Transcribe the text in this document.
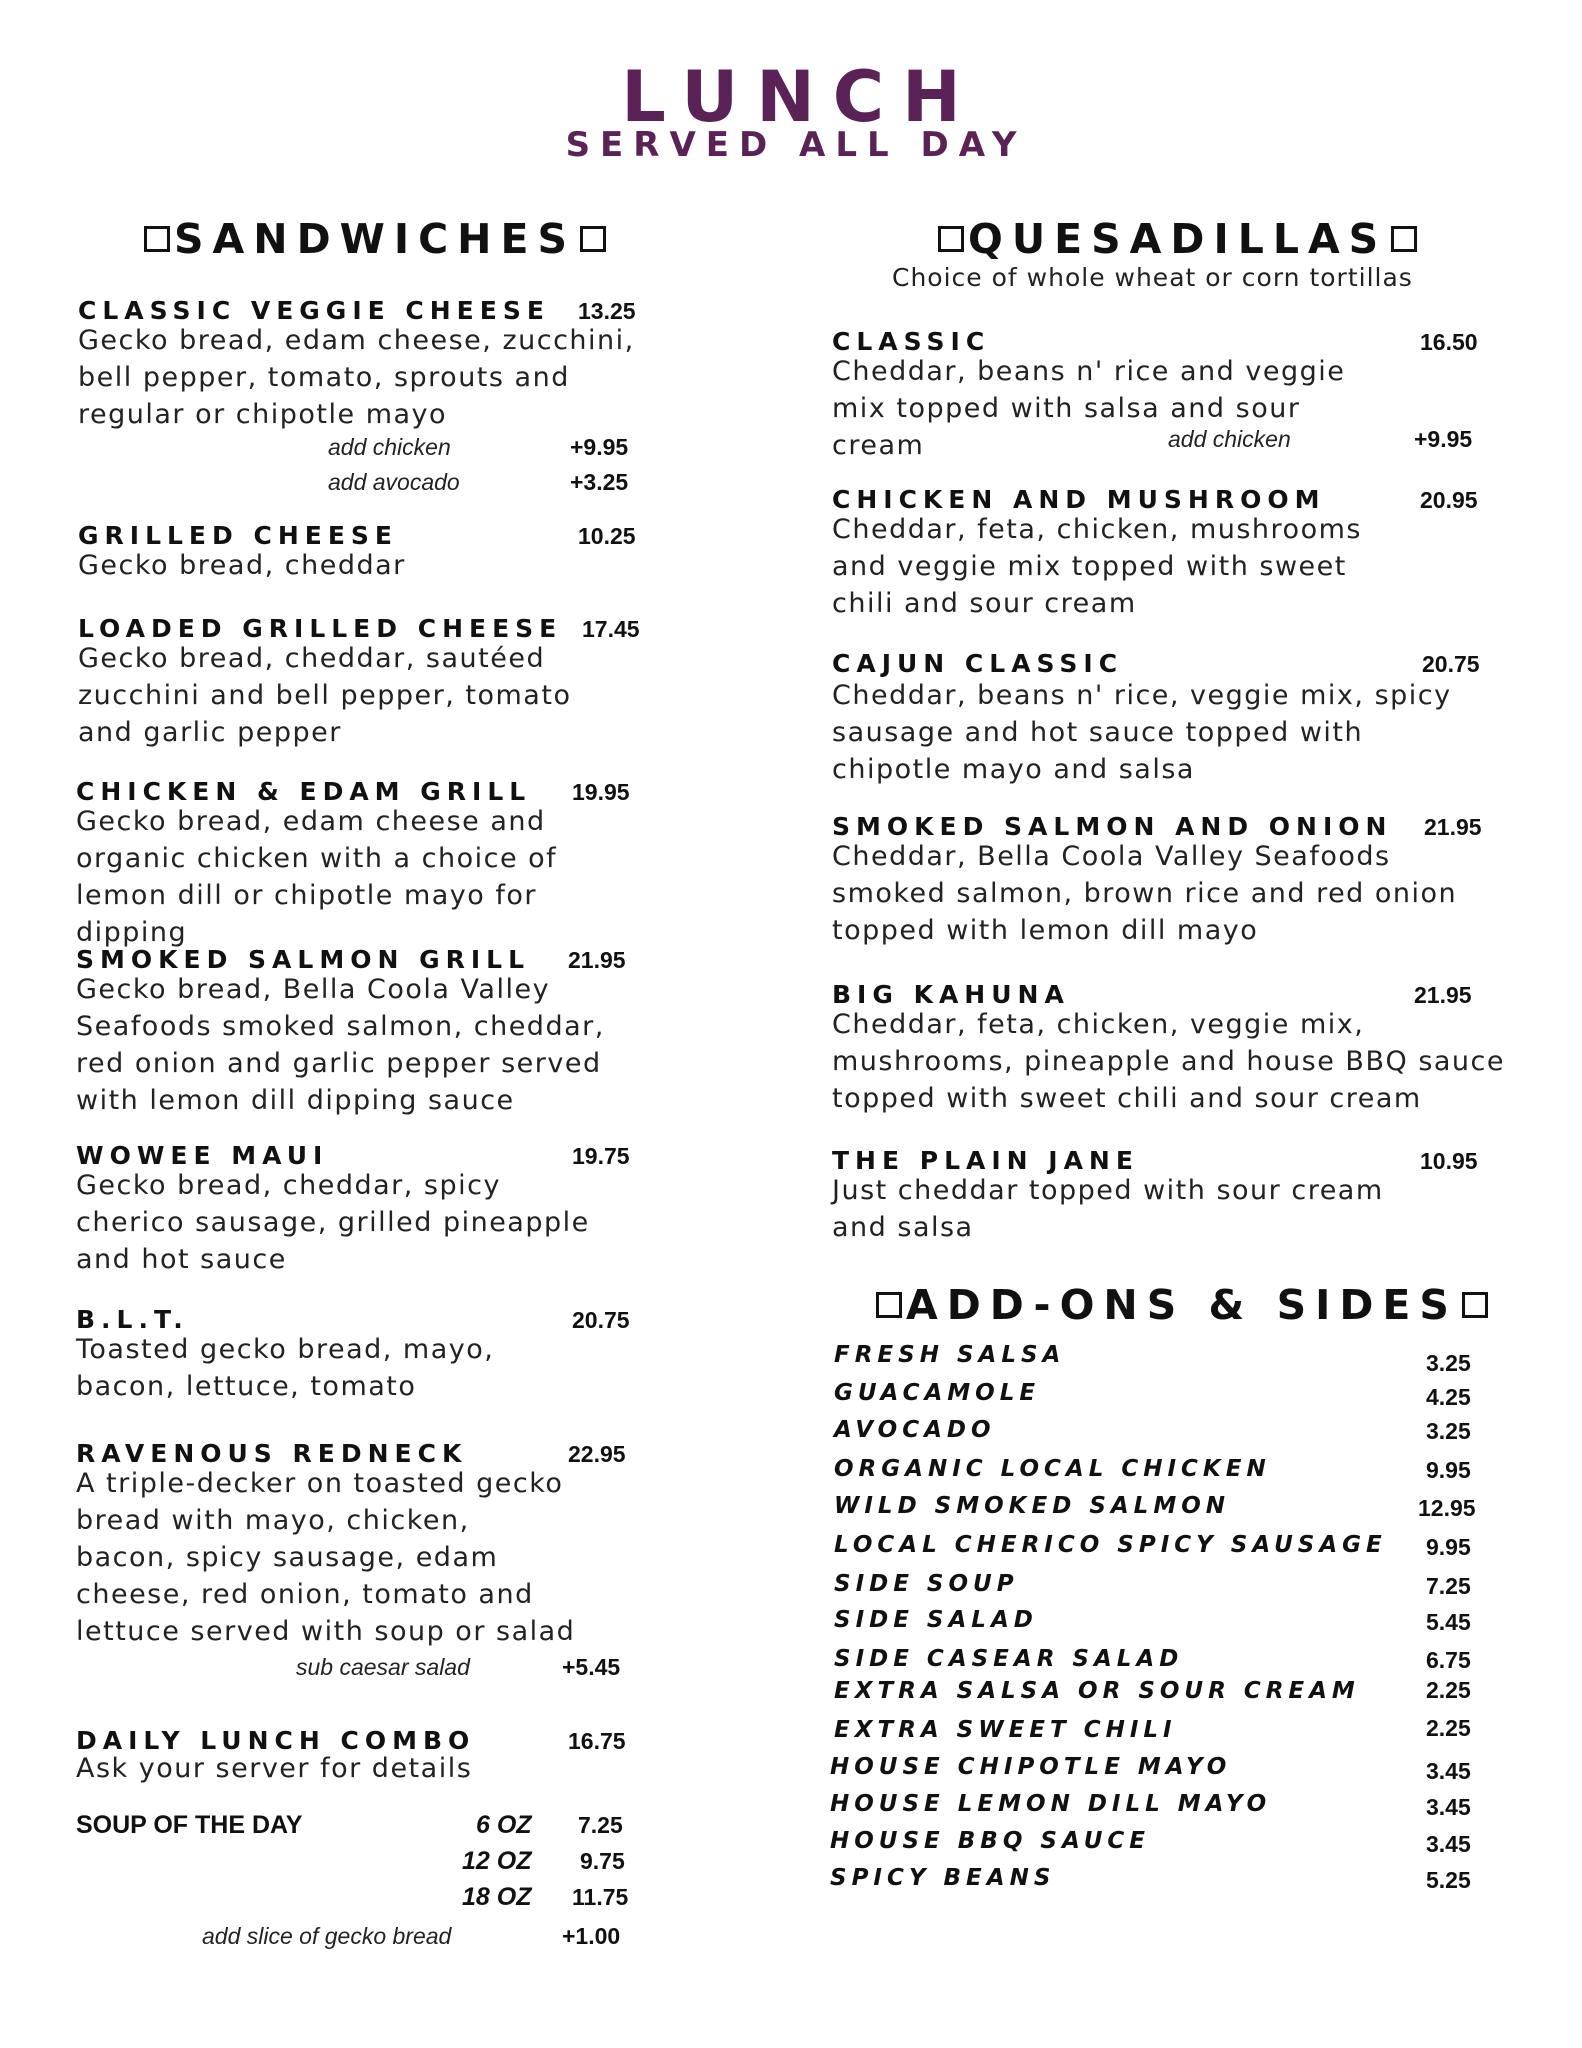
LUNCH
SERVED ALL DAY
SANDWICHES
CLASSIC VEGGIE CHEESE 13.25
Gecko bread, edam cheese, zucchini, bell pepper, tomato, sprouts and regular or chipotle mayo
add chicken	+9.95
add avocado	+3.25
GRILLED CHEESE	10.25
Gecko bread, cheddar
LOADED GRILLED CHEESE 17.45
Gecko bread, cheddar, sautéed zucchini and bell pepper, tomato and garlic pepper
CHICKEN & EDAM GRILL 19.95
Gecko bread, edam cheese and organic chicken with a choice of lemon dill or chipotle mayo for dipping
SMOKED SALMON GRILL 21.95
Gecko bread, Bella Coola Valley Seafoods smoked salmon, cheddar, red onion and garlic pepper served with lemon dill dipping sauce
WOWEE MAUI	19.75
Gecko bread, cheddar, spicy cherico sausage, grilled pineapple and hot sauce
B.L.T.	20.75
Toasted gecko bread, mayo, bacon, lettuce, tomato
RAVENOUS REDNECK	22.95
A triple-decker on toasted gecko bread with mayo, chicken, bacon, spicy sausage, edam cheese, red onion, tomato and lettuce served with soup or salad
sub caesar salad	+5.45
DAILY LUNCH COMBO	16.75
Ask your server for details
SOUP OF THE DAY	6 OZ 7.25
12 OZ 9.75
18 OZ 11.75
add slice of gecko bread	+1.00
QUESADILLAS
Choice of whole wheat or corn tortillas
CLASSIC	16.50
Cheddar, beans n' rice and veggie mix topped with salsa and sour cream	add chicken	+9.95
CHICKEN AND MUSHROOM	20.95
Cheddar, feta, chicken, mushrooms and veggie mix topped with sweet chili and sour cream
CAJUN CLASSIC	20.75
Cheddar, beans n' rice, veggie mix, spicy sausage and hot sauce topped with chipotle mayo and salsa
SMOKED SALMON AND ONION 21.95
Cheddar, Bella Coola Valley Seafoods smoked salmon, brown rice and red onion topped with lemon dill mayo
BIG KAHUNA	21.95
Cheddar, feta, chicken, veggie mix, mushrooms, pineapple and house BBQ sauce topped with sweet chili and sour cream
THE PLAIN JANE	10.95
Just cheddar topped with sour cream and salsa
ADD-ONS & SIDES
FRESH SALSA	3.25
GUACAMOLE	4.25
AVOCADO	3.25
ORGANIC LOCAL CHICKEN	9.95
WILD SMOKED SALMON	12.95
LOCAL CHERICO SPICY SAUSAGE 9.95
SIDE SOUP	7.25
SIDE SALAD	5.45
SIDE CASEAR SALAD	6.75
EXTRA SALSA OR SOUR CREAM	2.25
EXTRA SWEET CHILI	2.25
HOUSE CHIPOTLE MAYO	3.45
HOUSE LEMON DILL MAYO	3.45
HOUSE BBQ SAUCE	3.45
SPICY BEANS	5.25
